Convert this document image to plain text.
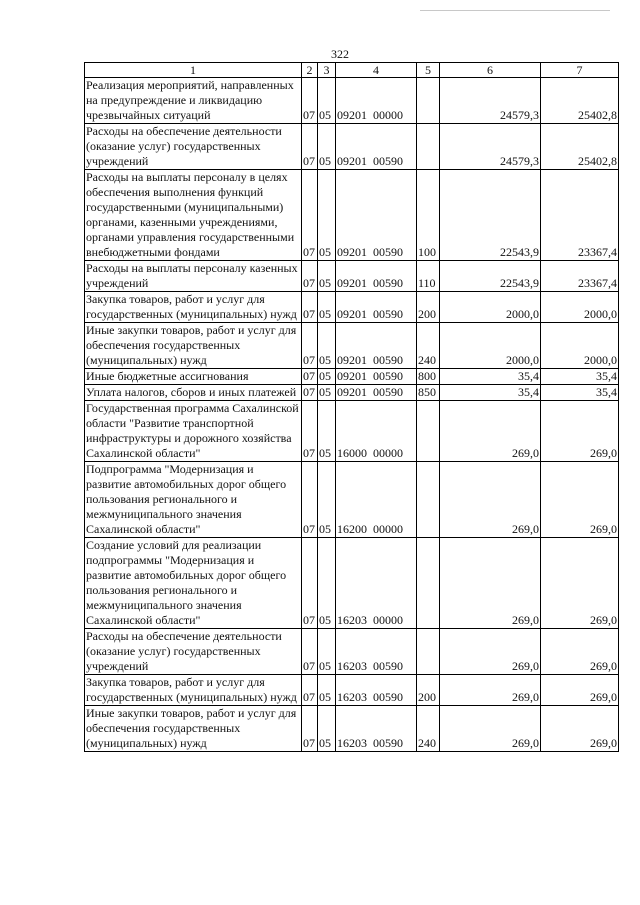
322
1	2	3	4	5	6	7
Реализация мероприятий, направленных на предупреждение и ликвидацию чрезвычайных ситуаций	07	05	09201  00000		24579,3	25402,8
Расходы на обеспечение деятельности (оказание услуг) государственных учреждений	07	05	09201  00590		24579,3	25402,8
Расходы на выплаты персоналу в целях обеспечения выполнения функций государственными (муниципальными) органами, казенными учреждениями, органами управления государственными внебюджетными фондами	07	05	09201  00590	100	22543,9	23367,4
Расходы на выплаты персоналу казенных учреждений	07	05	09201  00590	110	22543,9	23367,4
Закупка товаров, работ и услуг для государственных (муниципальных) нужд	07	05	09201  00590	200	2000,0	2000,0
Иные закупки товаров, работ и услуг для обеспечения государственных (муниципальных) нужд	07	05	09201  00590	240	2000,0	2000,0
Иные бюджетные ассигнования	07	05	09201  00590	800	35,4	35,4
Уплата налогов, сборов и иных платежей	07	05	09201  00590	850	35,4	35,4
Государственная программа Сахалинской области "Развитие транспортной инфраструктуры и дорожного хозяйства Сахалинской области"	07	05	16000  00000		269,0	269,0
Подпрограмма "Модернизация и развитие автомобильных дорог общего пользования регионального и межмуниципального значения Сахалинской области"	07	05	16200  00000		269,0	269,0
Создание условий для реализации подпрограммы "Модернизация и развитие автомобильных дорог общего пользования регионального и межмуниципального значения Сахалинской области"	07	05	16203  00000		269,0	269,0
Расходы на обеспечение деятельности (оказание услуг) государственных учреждений	07	05	16203  00590		269,0	269,0
Закупка товаров, работ и услуг для государственных (муниципальных) нужд	07	05	16203  00590	200	269,0	269,0
Иные закупки товаров, работ и услуг для обеспечения государственных (муниципальных) нужд	07	05	16203  00590	240	269,0	269,0
